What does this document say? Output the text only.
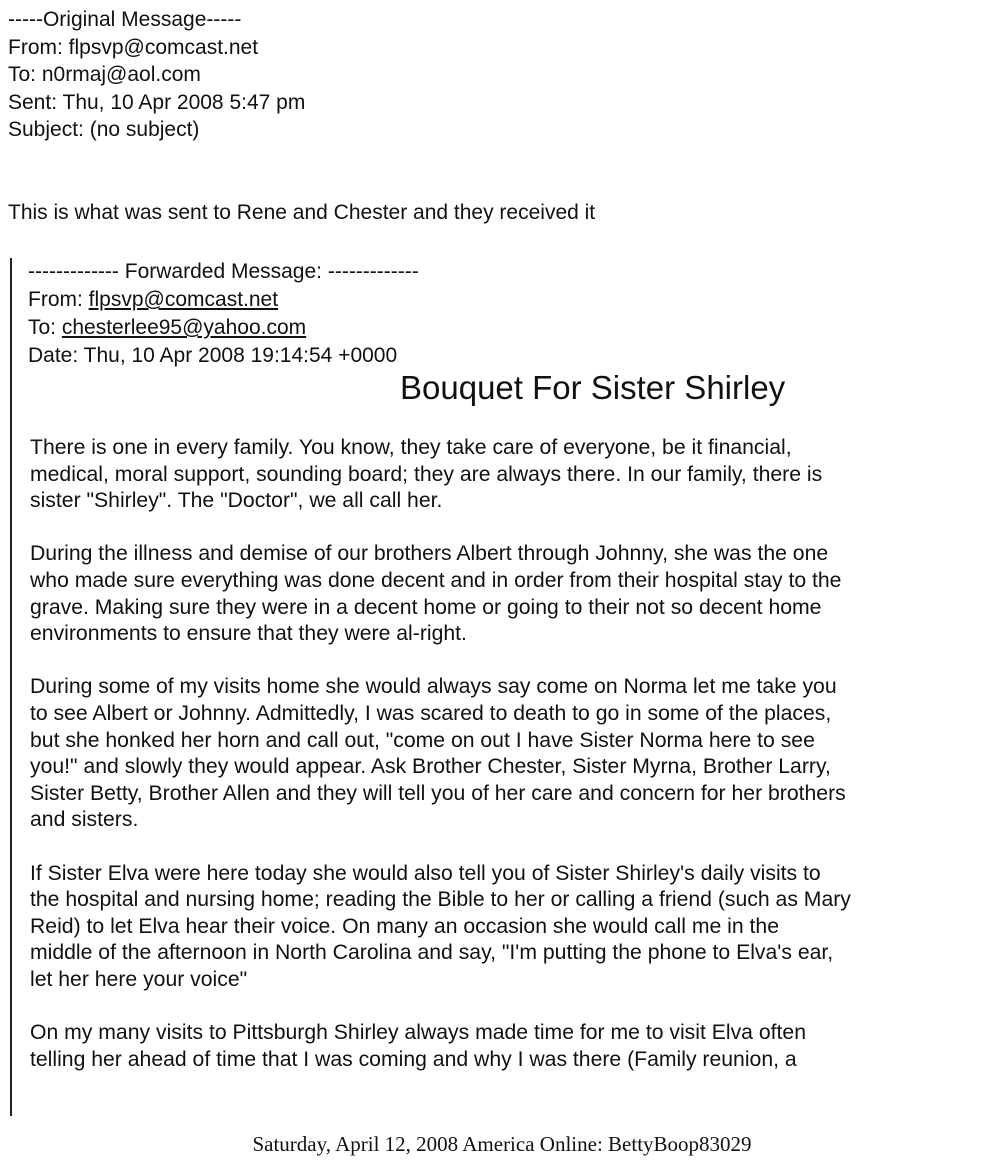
-----Original Message-----
From: flpsvp@comcast.net
To: n0rmaj@aol.com
Sent: Thu, 10 Apr 2008 5:47 pm
Subject: (no subject)
This is what was sent to Rene and Chester and they received it
------------- Forwarded Message: -------------
From: flpsvp@comcast.net
To: chesterlee95@yahoo.com
Date: Thu, 10 Apr 2008 19:14:54 +0000
Bouquet For Sister Shirley

There is one in every family. You know, they take care of everyone, be it financial,
medical, moral support, sounding board; they are always there. In our family, there is
sister "Shirley". The "Doctor", we all call her.

During the illness and demise of our brothers Albert through Johnny, she was the one
who made sure everything was done decent and in order from their hospital stay to the
grave. Making sure they were in a decent home or going to their not so decent home
environments to ensure that they were al-right.

During some of my visits home she would always say come on Norma let me take you
to see Albert or Johnny. Admittedly, I was scared to death to go in some of the places,
but she honked her horn and call out, "come on out I have Sister Norma here to see
you!" and slowly they would appear. Ask Brother Chester, Sister Myrna, Brother Larry,
Sister Betty, Brother Allen and they will tell you of her care and concern for her brothers
and sisters.

If Sister Elva were here today she would also tell you of Sister Shirley's daily visits to
the hospital and nursing home; reading the Bible to her or calling a friend (such as Mary
Reid) to let Elva hear their voice. On many an occasion she would call me in the
middle of the afternoon in North Carolina and say, "I'm putting the phone to Elva's ear,
let her here your voice"

On my many visits to Pittsburgh Shirley always made time for me to visit Elva often
telling her ahead of time that I was coming and why I was there (Family reunion, a

Saturday, April 12, 2008 America Online: BettyBoop83029
